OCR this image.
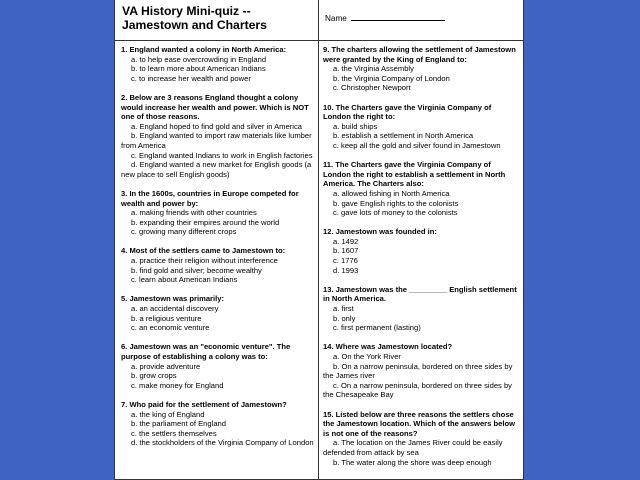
VA History Mini-quiz -- Jamestown and Charters	Name
1. England wanted a colony in North America:
a. to help ease overcrowding in England
b. to learn more about American Indians
c. to increase her wealth and power
2. Below are 3 reasons England thought a colony would increase her wealth and power. Which is NOT one of those reasons.
a. England hoped to find gold and silver in America
b. England wanted to import raw materials like lumber from America
c. England wanted Indians to work in English factories
d. England wanted a new market for English goods (a new place to sell English goods)
3. In the 1600s, countries in Europe competed for wealth and power by:
a. making friends with other countries
b. expanding their empires around the world
c. growing many different crops
4. Most of the settlers came to Jamestown to:
a. practice their religion without interference
b. find gold and silver; become wealthy
c. learn about American Indians
5. Jamestown was primarily:
a. an accidental discovery
b. a religious venture
c. an economic venture
6. Jamestown was an "economic venture". The purpose of establishing a colony was to:
a. provide adventure
b. grow crops
c. make money for England
7. Who paid for the settlement of Jamestown?
a. the king of England
b. the parliament of England
c. the settlers themselves
d. the stockholders of the Virginia Company of London
9. The charters allowing the settlement of Jamestown were granted by the King of England to:
a. the Virginia Assembly
b. the Virginia Company of London
c. Christopher Newport
10. The Charters gave the Virginia Company of London the right to:
a. build ships
b. establish a settlement in North America
c. keep all the gold and silver found in Jamestown
11. The Charters gave the Virginia Company of London the right to establish a settlement in North America. The Charters also:
a. allowed fishing in North America
b. gave English rights to the colonists
c. gave lots of money to the colonists
12. Jamestown was founded in:
a. 1492
b. 1607
c. 1776
d. 1993
13. Jamestown was the _________ English settlement in North America.
a. first
b. only
c. first permanent (lasting)
14. Where was Jamestown located?
a. On the York River
b. On a narrow peninsula, bordered on three sides by the James river
c. On a narrow peninsula, bordered on three sides by the Chesapeake Bay
15. Listed below are three reasons the settlers chose the Jamestown location. Which of the answers below is not one of the reasons?
a. The location on the James River could be easily defended from attack by sea
b. The water along the shore was deep enough
